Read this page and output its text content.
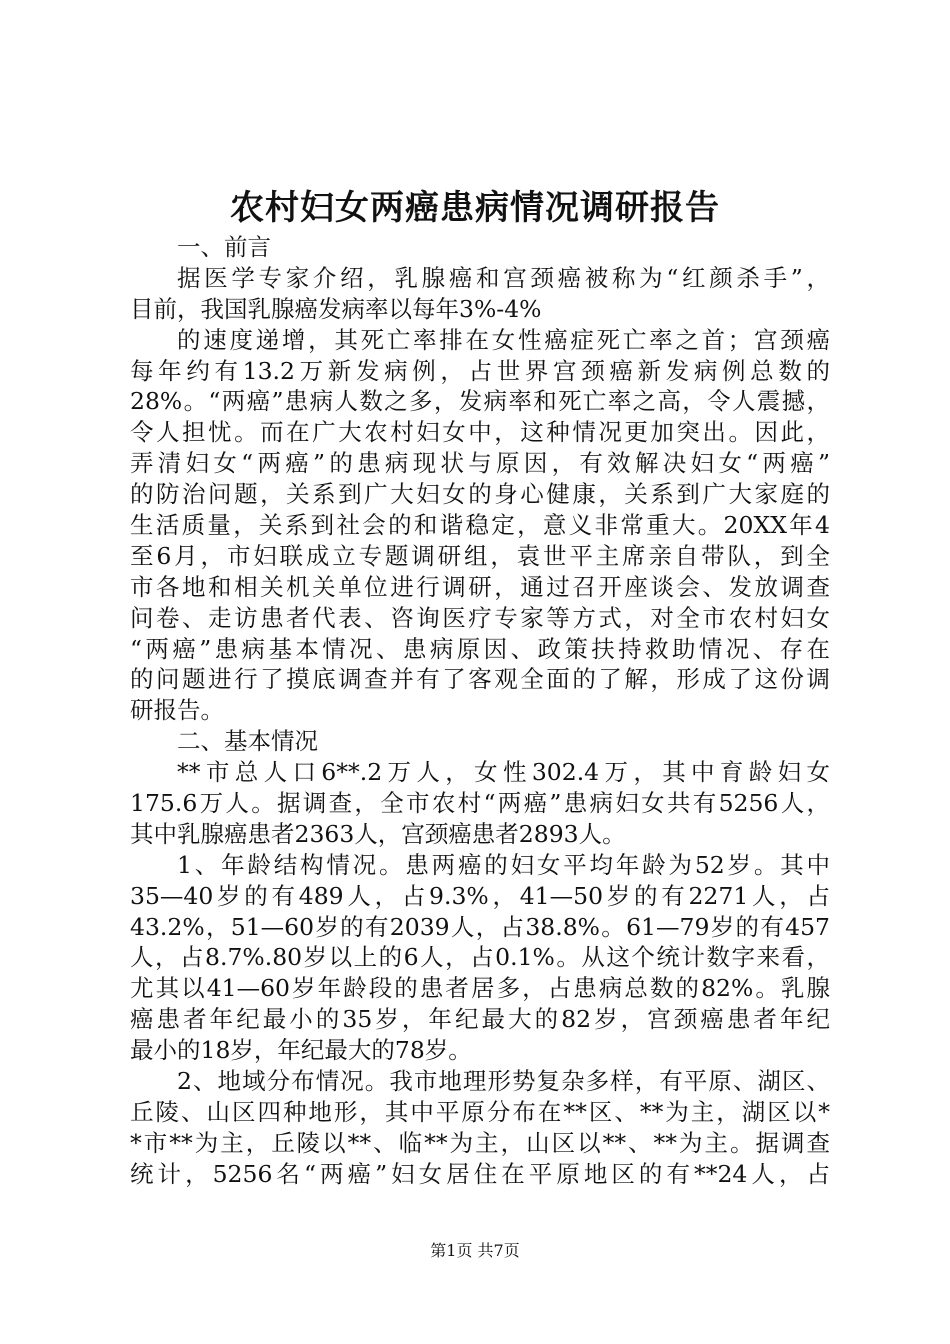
农村妇女两癌患病情况调研报告
一、前言
据医学专家介绍，乳腺癌和宫颈癌被称为“红颜杀手”，
目前，我国乳腺癌发病率以每年3%-4%
的速度递增，其死亡率排在女性癌症死亡率之首；宫颈癌
每年约有13.2万新发病例，占世界宫颈癌新发病例总数的
28%。“两癌”患病人数之多，发病率和死亡率之高，令人震撼，
令人担忧。而在广大农村妇女中，这种情况更加突出。因此，
弄清妇女“两癌”的患病现状与原因，有效解决妇女“两癌”
的防治问题，关系到广大妇女的身心健康，关系到广大家庭的
生活质量，关系到社会的和谐稳定，意义非常重大。20XX年4
至6月，市妇联成立专题调研组，袁世平主席亲自带队，到全
市各地和相关机关单位进行调研，通过召开座谈会、发放调查
问卷、走访患者代表、咨询医疗专家等方式，对全市农村妇女
“两癌”患病基本情况、患病原因、政策扶持救助情况、存在
的问题进行了摸底调查并有了客观全面的了解，形成了这份调
研报告。
二、基本情况
**市总人口6**.2万人，女性302.4万，其中育龄妇女
175.6万人。据调查，全市农村“两癌”患病妇女共有5256人，
其中乳腺癌患者2363人，宫颈癌患者2893人。
1、年龄结构情况。患两癌的妇女平均年龄为52岁。其中
35—40岁的有489人，占9.3%，41—50岁的有2271人，占
43.2%，51—60岁的有2039人，占38.8%。61—79岁的有457
人，占8.7%.80岁以上的6人，占0.1%。从这个统计数字来看，
尤其以41—60岁年龄段的患者居多，占患病总数的82%。乳腺
癌患者年纪最小的35岁，年纪最大的82岁，宫颈癌患者年纪
最小的18岁，年纪最大的78岁。
2、地域分布情况。我市地理形势复杂多样，有平原、湖区、
丘陵、山区四种地形，其中平原分布在**区、**为主，湖区以*
*市**为主，丘陵以**、临**为主，山区以**、**为主。据调查
统计，5256名“两癌”妇女居住在平原地区的有**24人，占
第1页 共7页
